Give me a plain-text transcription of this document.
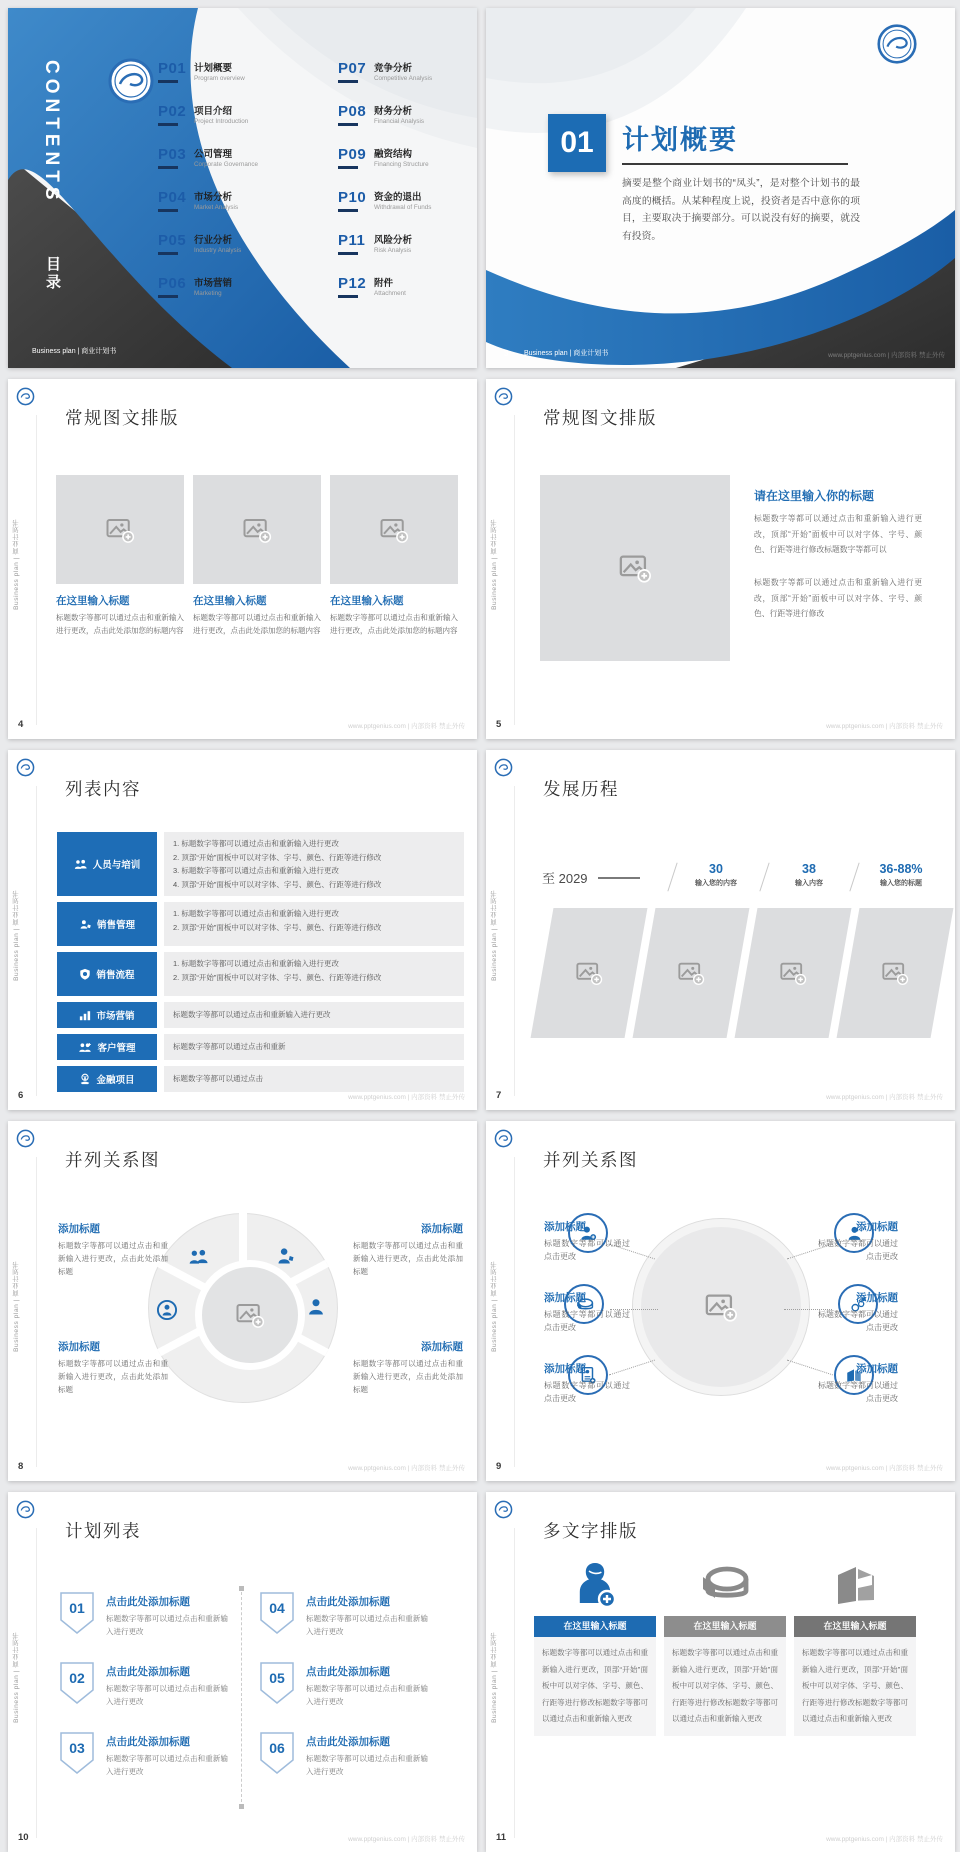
CONTENTS
目录
P01 计划概要
Program overview
P02 项目介绍
Project Introduction
P03 公司管理
Corporate Governance
P04 市场分析
Market Analysis
P05 行业分析
Industry Analysis
P06 市场营销
Marketing
P07 竞争分析
Competitive Analysis
P08 财务分析
Financial Analysis
P09 融资结构
Financing Structure
P10 资金的退出
Withdrawal of Funds
P11 风险分析
Risk Analysis
P12 附件
Attachment
Business plan | 商业计划书
01	计划概要
摘要是整个商业计划书的“凤头”，是对整个计划书的最高度的概括。从某种程度上说，投资者是否中意你的项目，主要取决于摘要部分。可以说没有好的摘要，就没有投资。
3 Business plan | 商业计划书	www.pptgenius.com | 内部资料 禁止外传
Business plan | 商业计划书
常规图文排版
在这里输入标题	在这里输入标题	在这里输入标题
标题数字等都可以通过点击和重新输入进行更改，点击此处添加您的标题内容
标题数字等都可以通过点击和重新输入进行更改，点击此处添加您的标题内容
标题数字等都可以通过点击和重新输入进行更改，点击此处添加您的标题内容
4	www.pptgenius.com | 内部资料 禁止外传
Business plan | 商业计划书
常规图文排版
请在这里输入你的标题
标题数字等都可以通过点击和重新输入进行更改，顶部“开始”面板中可以对字体、字号、颜色、行距等进行修改标题数字等都可以
标题数字等都可以通过点击和重新输入进行更改，顶部“开始”面板中可以对字体、字号、颜色、行距等进行修改
5	www.pptgenius.com | 内部资料 禁止外传
Business plan | 商业计划书
列表内容
人员与培训
1. 标题数字等都可以通过点击和重新输入进行更改
2. 顶部“开始”面板中可以对字体、字号、颜色、行距等进行修改
3. 标题数字等都可以通过点击和重新输入进行更改
4. 顶部“开始”面板中可以对字体、字号、颜色、行距等进行修改
销售管理
1. 标题数字等都可以通过点击和重新输入进行更改
2. 顶部“开始”面板中可以对字体、字号、颜色、行距等进行修改
销售流程
1. 标题数字等都可以通过点击和重新输入进行更改
2. 顶部“开始”面板中可以对字体、字号、颜色、行距等进行修改
市场营销	标题数字等都可以通过点击和重新输入进行更改
客户管理	标题数字等都可以通过点击和重新
金融项目	标题数字等都可以通过点击
6	www.pptgenius.com | 内部资料 禁止外传
Business plan | 商业计划书
发展历程
至 2029
30
输入您的内容
38
输入内容
36-88%
输入您的标题
7	www.pptgenius.com | 内部资料 禁止外传
Business plan | 商业计划书
并列关系图
添加标题
标题数字等都可以通过点击和重新输入进行更改，点击此处添加标题
添加标题
标题数字等都可以通过点击和重新输入进行更改，点击此处添加标题
添加标题
标题数字等都可以通过点击和重新输入进行更改，点击此处添加标题
添加标题
标题数字等都可以通过点击和重新输入进行更改，点击此处添加标题
8	www.pptgenius.com | 内部资料 禁止外传
Business plan | 商业计划书
并列关系图
添加标题
标题数字等都可以通过点击更改
添加标题
标题数字等都可以通过点击更改
添加标题
标题数字等都可以通过点击更改
添加标题
标题数字等都可以通过点击更改
添加标题
标题数字等都可以通过点击更改
添加标题
标题数字等都可以通过点击更改
9	www.pptgenius.com | 内部资料 禁止外传
Business plan | 商业计划书
计划列表
01	点击此处添加标题
标题数字等都可以通过点击和重新输入进行更改
02	点击此处添加标题
标题数字等都可以通过点击和重新输入进行更改
03	点击此处添加标题
标题数字等都可以通过点击和重新输入进行更改
04	点击此处添加标题
标题数字等都可以通过点击和重新输入进行更改
05	点击此处添加标题
标题数字等都可以通过点击和重新输入进行更改
06	点击此处添加标题
标题数字等都可以通过点击和重新输入进行更改
10	www.pptgenius.com | 内部资料 禁止外传
Business plan | 商业计划书
多文字排版
在这里输入标题
标题数字等都可以通过点击和重新输入进行更改，顶部“开始”面板中可以对字体、字号、颜色、行距等进行修改标题数字等都可以通过点击和重新输入更改
在这里输入标题
标题数字等都可以通过点击和重新输入进行更改，顶部“开始”面板中可以对字体、字号、颜色、行距等进行修改标题数字等都可以通过点击和重新输入更改
在这里输入标题
标题数字等都可以通过点击和重新输入进行更改，顶部“开始”面板中可以对字体、字号、颜色、行距等进行修改标题数字等都可以通过点击和重新输入更改
11	www.pptgenius.com | 内部资料 禁止外传
